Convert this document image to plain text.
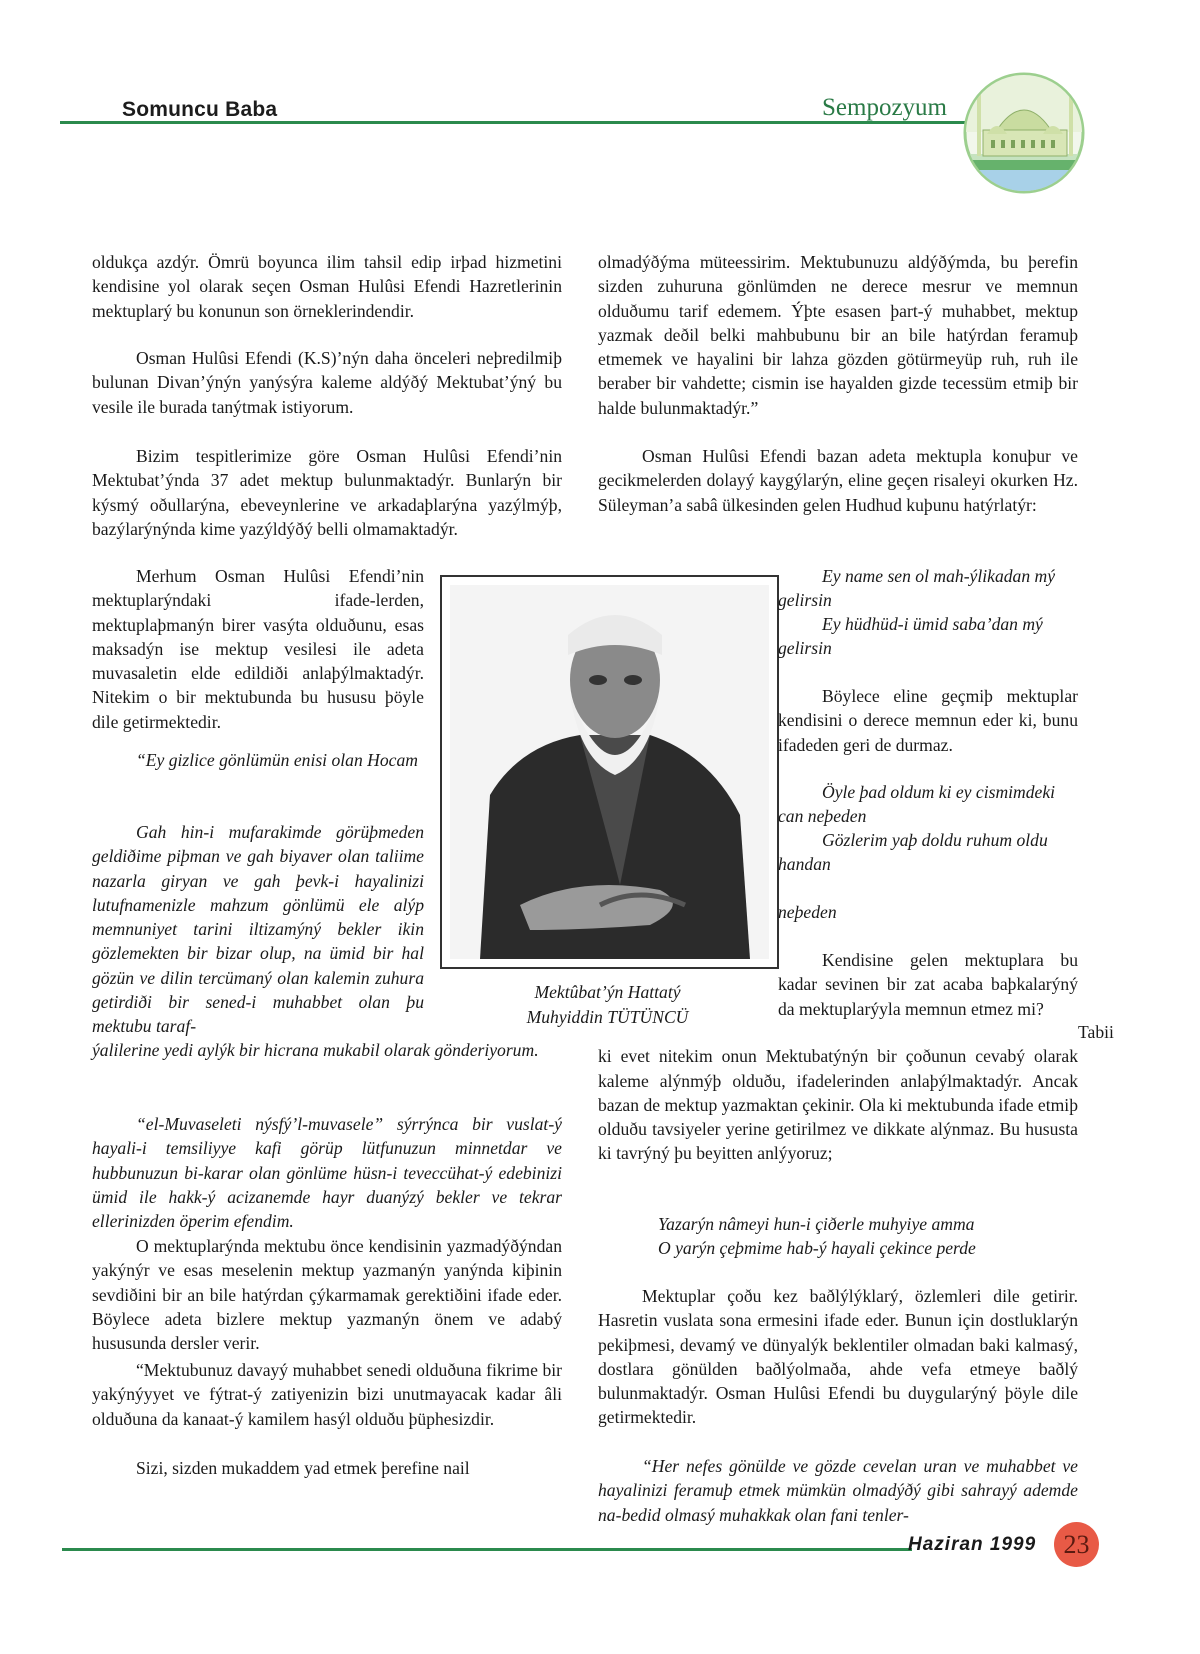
Somuncu Baba	Sempozyum

oldukça azdýr. Ömrü boyunca ilim tahsil edip irþad hizmetini kendisine yol olarak seçen Osman Hulûsi Efendi Hazretlerinin mektuplarý bu konunun son örneklerindendir.

Osman Hulûsi Efendi (K.S)’nýn daha önceleri neþredilmiþ bulunan Divan’ýnýn yanýsýra kaleme aldýðý Mektubat’ýný bu vesile ile burada tanýtmak istiyorum.

Bizim tespitlerimize göre Osman Hulûsi Efendi’nin Mektubat’ýnda 37 adet mektup bulunmaktadýr. Bunlarýn bir kýsmý oðullarýna, ebeveynlerine ve arkadaþlarýna yazýlmýþ, bazýlarýnýnda kime yazýldýðý belli olmamaktadýr.

Merhum Osman Hulûsi Efendi’nin mektuplarýndaki ifade-lerden, mektuplaþmanýn birer vasýta olduðunu, esas maksadýn ise mektup vesilesi ile adeta muvasaletin elde edildiði anlaþýlmaktadýr. Nitekim o bir mektubunda bu hususu þöyle dile getirmektedir.

“Ey gizlice gönlümün enisi olan Hocam

Gah hin-i mufarakimde görüþmeden geldiðime piþman ve gah biyaver olan taliime nazarla giryan ve gah þevk-i hayalinizi lutufnamenizle mahzum gönlümü ele alýp memnuniyet tarini iltizamýný bekler ikin gözlemekten bir bizar olup, na ümid bir hal gözün ve dilin tercümaný olan kalemin zuhura getirdiði bir sened-i muhabbet olan þu mektubu taraf-

ýalilerine yedi aylýk bir hicrana mukabil olarak gönderiyorum.

“el-Muvaseleti nýsfý’l-muvasele” sýrrýnca bir vuslat-ý hayali-i temsiliyye kafi görüp lütfunuzun minnetdar ve hubbunuzun bi-karar olan gönlüme hüsn-i teveccühat-ý edebinizi ümid ile hakk-ý acizanemde hayr duanýzý bekler ve tekrar ellerinizden öperim efendim.

O mektuplarýnda mektubu önce kendisinin yazmadýðýndan yakýnýr ve esas meselenin mektup yazmanýn yanýnda kiþinin sevdiðini bir an bile hatýrdan çýkarmamak gerektiðini ifade eder. Böylece adeta bizlere mektup yazmanýn önem ve adabý hususunda dersler verir.

“Mektubunuz davayý muhabbet senedi olduðuna fikrime bir yakýnýyyet ve fýtrat-ý zatiyenizin bizi unutmayacak kadar âli olduðuna da kanaat-ý kamilem hasýl olduðu þüphesizdir.

Sizi, sizden mukaddem yad etmek þerefine nail

Mektûbat’ýn Hattatý
Muhyiddin TÜTÜNCÜ

olmadýðýma müteessirim. Mektubunuzu aldýðýmda, bu þerefin sizden zuhuruna gönlümden ne derece mesrur ve memnun olduðumu tarif edemem. Ýþte esasen þart-ý muhabbet, mektup yazmak deðil belki mahbubunu bir an bile hatýrdan feramuþ etmemek ve hayalini bir lahza gözden götürmeyüp ruh, ruh ile beraber bir vahdette; cismin ise hayalden gizde tecessüm etmiþ bir halde bulunmaktadýr.”

Osman Hulûsi Efendi bazan adeta mektupla konuþur ve gecikmelerden dolayý kaygýlarýn, eline geçen risaleyi okurken Hz. Süleyman’a sabâ ülkesinden gelen Hudhud kuþunu hatýrlatýr:

Ey name sen ol mah-ýlikadan mý gelirsin

Ey hüdhüd-i ümid saba’dan mý gelirsin

Böylece eline geçmiþ mektuplar kendisini o derece memnun eder ki, bunu ifadeden geri de durmaz.

Öyle þad oldum ki ey cismimdeki can neþeden

Gözlerim yaþ doldu ruhum oldu handan

neþeden

Kendisine gelen mektuplara bu kadar sevinen bir zat acaba baþkalarýný da mektuplarýyla memnun etmez mi?

Tabii ki evet nitekim onun Mektubatýnýn bir çoðunun cevabý olarak kaleme alýnmýþ olduðu, ifadelerinden anlaþýlmaktadýr. Ancak bazan de mektup yazmaktan çekinir. Ola ki mektubunda ifade etmiþ olduðu tavsiyeler yerine getirilmez ve dikkate alýnmaz. Bu hususta ki tavrýný þu beyitten anlýyoruz;

Yazarýn nâmeyi hun-i çiðerle muhyiye amma

O yarýn çeþmime hab-ý hayali çekince perde

Mektuplar çoðu kez baðlýlýklarý, özlemleri dile getirir. Hasretin vuslata sona ermesini ifade eder. Bunun için dostluklarýn pekiþmesi, devamý ve dünyalýk beklentiler olmadan baki kalmasý, dostlara gönülden baðlýolmaða, ahde vefa etmeye baðlý bulunmaktadýr. Osman Hulûsi Efendi bu duygularýný þöyle dile getirmektedir.

“Her nefes gönülde ve gözde cevelan uran ve muhabbet ve hayalinizi feramuþ etmek mümkün olmadýðý gibi sahrayý ademde na-bedid olmasý muhakkak olan fani tenler-

Haziran 1999	23
